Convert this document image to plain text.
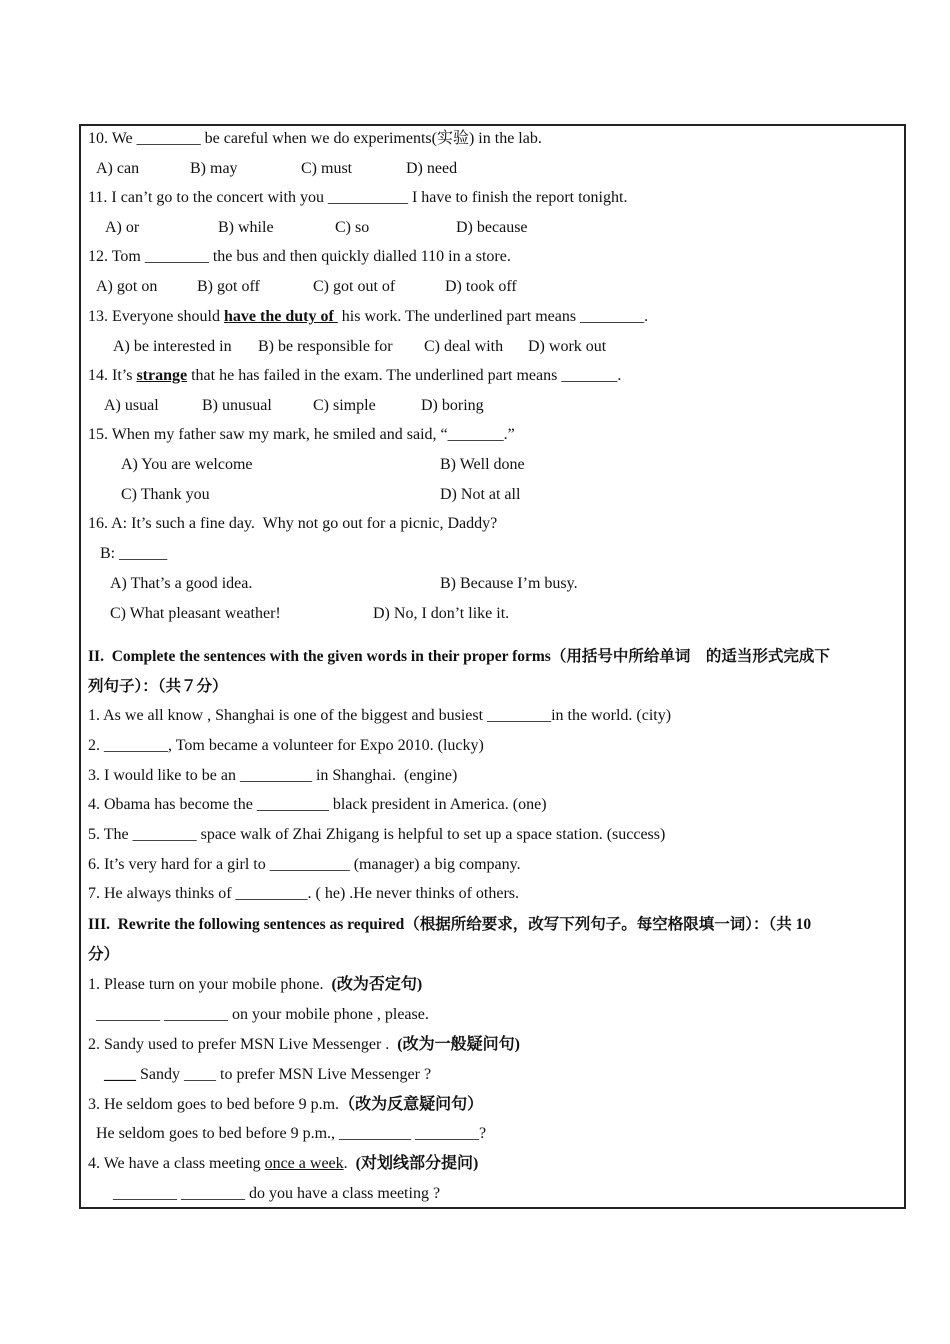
10. We ________ be careful when we do experiments(实验) in the lab.
A) can	B) may	C) must	D) need
11. I can’t go to the concert with you __________ I have to finish the report tonight.
A) or	B) while	C) so	D) because
12. Tom ________ the bus and then quickly dialled 110 in a store.
A) got on B) got off	C) got out of	D) took off
13. Everyone should have the duty of  his work. The underlined part means ________.
A) be interested in B) be responsible for C) deal with D) work out
14. It’s strange that he has failed in the exam. The underlined part means _______.
A) usual	B) unusual	C) simple	D) boring
15. When my father saw my mark, he smiled and said, “_______.”
A) You are welcome	B) Well done
C) Thank you	D) Not at all
16. A: It’s such a fine day.  Why not go out for a picnic, Daddy?
B: ______
A) That’s a good idea.	B) Because I’m busy.
C) What pleasant weather!	D) No, I don’t like it.
II.  Complete the sentences with the given words in their proper forms（用括号中所给单词　的适当形式完成下
列句子）：（共７分）
1. As we all know , Shanghai is one of the biggest and busiest ________in the world. (city)
2. ________, Tom became a volunteer for Expo 2010. (lucky)
3. I would like to be an _________ in Shanghai.  (engine)
4. Obama has become the _________ black president in America. (one)
5. The ________ space walk of Zhai Zhigang is helpful to set up a space station. (success)
6. It’s very hard for a girl to __________ (manager) a big company.
7. He always thinks of _________. ( he) .He never thinks of others.
III.  Rewrite the following sentences as required（根据所给要求，改写下列句子。每空格限填一词）：（共 10
分）
1. Please turn on your mobile phone.  (改为否定句)
________ ________ on your mobile phone , please.
2. Sandy used to prefer MSN Live Messenger .  (改为一般疑问句)
____ Sandy ____ to prefer MSN Live Messenger ?
3. He seldom goes to bed before 9 p.m.（改为反意疑问句）
He seldom goes to bed before 9 p.m., _________ ________?
4. We have a class meeting once a week.  (对划线部分提问)
________ ________ do you have a class meeting ?
